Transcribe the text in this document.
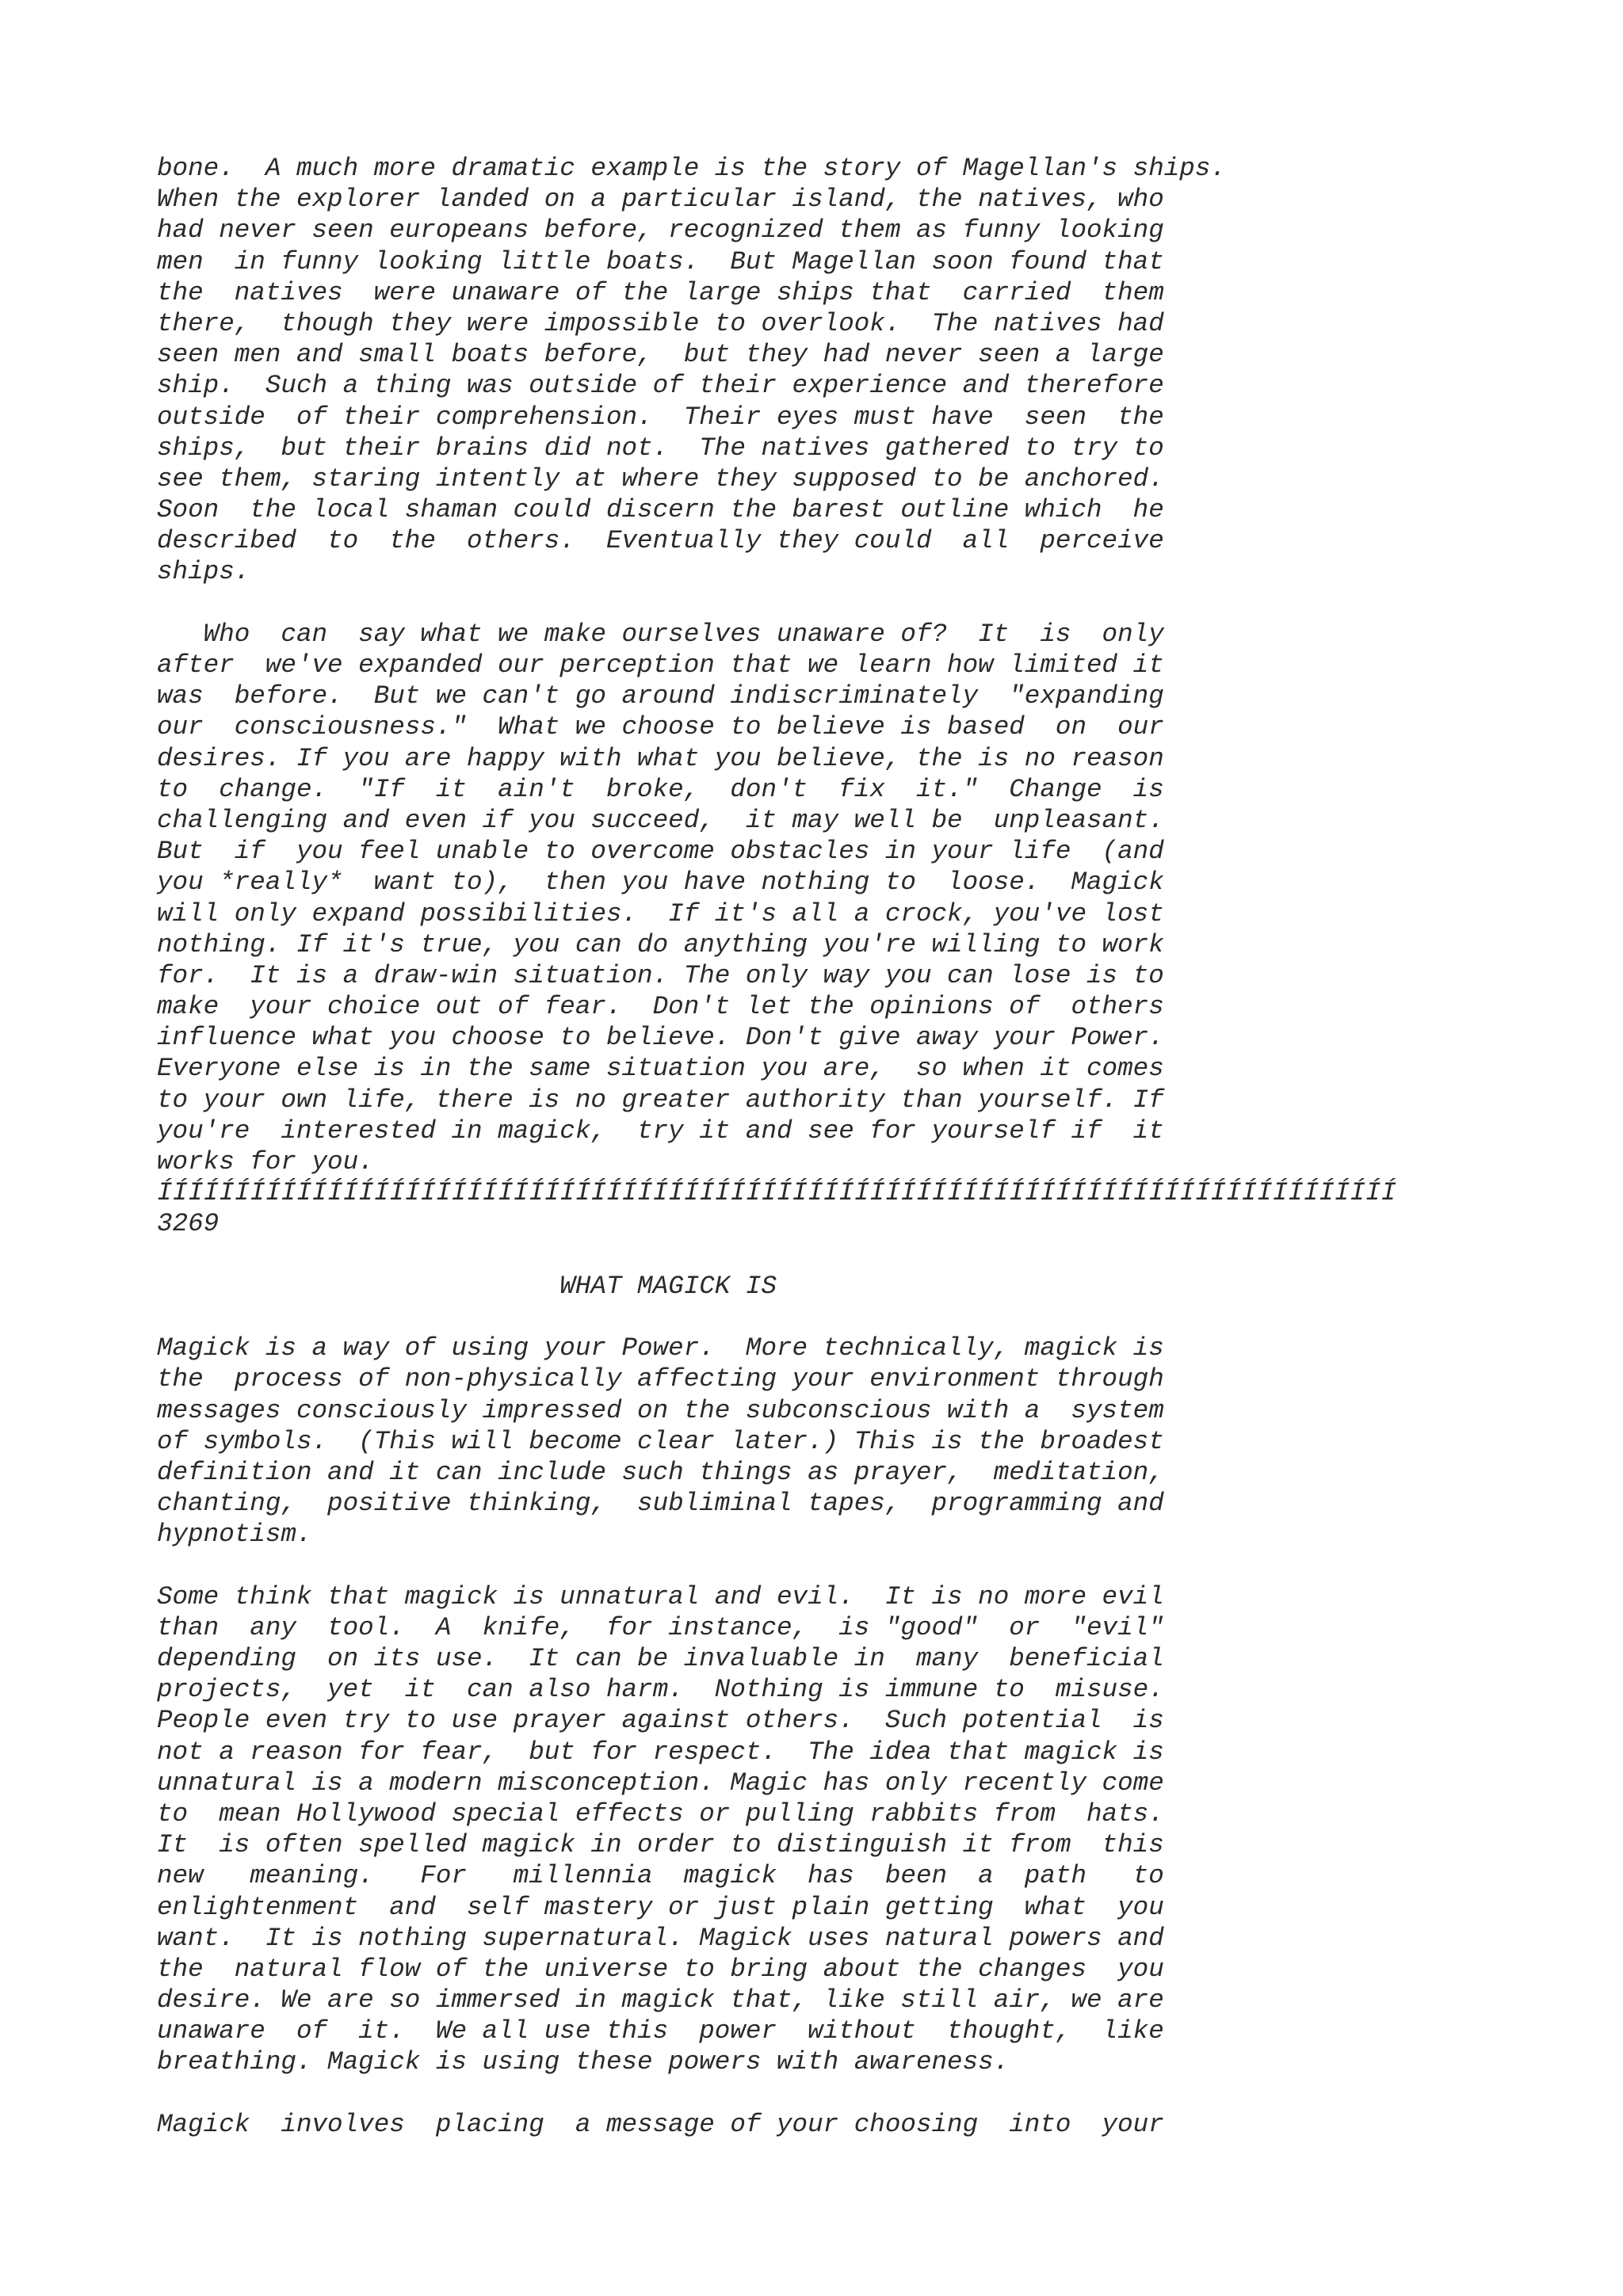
bone.  A much more dramatic example is the story of Magellan's ships.
When the explorer landed on a particular island, the natives, who
had never seen europeans before, recognized them as funny looking
men  in funny looking little boats.  But Magellan soon found that
the  natives  were unaware of the large ships that  carried  them
there,  though they were impossible to overlook.  The natives had
seen men and small boats before,  but they had never seen a large
ship.  Such a thing was outside of their experience and therefore
outside  of their comprehension.  Their eyes must have  seen  the
ships,  but their brains did not.  The natives gathered to try to
see them, staring intently at where they supposed to be anchored.
Soon  the local shaman could discern the barest outline which  he
described  to  the  others.  Eventually they could  all  perceive
ships.
Who  can  say what we make ourselves unaware of?  It  is  only
after  we've expanded our perception that we learn how limited it
was  before.  But we can't go around indiscriminately  "expanding
our  consciousness."  What we choose to believe is based  on  our
desires. If you are happy with what you believe, the is no reason
to  change.  "If  it  ain't  broke,  don't  fix  it."  Change  is
challenging and even if you succeed,  it may well be  unpleasant.
But  if  you feel unable to overcome obstacles in your life  (and
you *really*  want to),  then you have nothing to  loose.  Magick
will only expand possibilities.  If it's all a crock, you've lost
nothing. If it's true, you can do anything you're willing to work
for.  It is a draw-win situation. The only way you can lose is to
make  your choice out of fear.  Don't let the opinions of  others
influence what you choose to believe. Don't give away your Power.
Everyone else is in the same situation you are,  so when it comes
to your own life, there is no greater authority than yourself. If
you're  interested in magick,  try it and see for yourself if  it
works for you.
ÍÍÍÍÍÍÍÍÍÍÍÍÍÍÍÍÍÍÍÍÍÍÍÍÍÍÍÍÍÍÍÍÍÍÍÍÍÍÍÍÍÍÍÍÍÍÍÍÍÍÍÍÍÍÍÍÍÍÍÍÍÍÍÍÍÍÍÍÍÍÍÍÍÍÍÍÍÍÍÍ
3269
WHAT MAGICK IS
Magick is a way of using your Power.  More technically, magick is
the  process of non-physically affecting your environment through
messages consciously impressed on the subconscious with a  system
of symbols.  (This will become clear later.) This is the broadest
definition and it can include such things as prayer,  meditation,
chanting,  positive thinking,  subliminal tapes,  programming and
hypnotism.
Some think that magick is unnatural and evil.  It is no more evil
than  any  tool.  A  knife,  for instance,  is "good"  or  "evil"
depending  on its use.  It can be invaluable in  many  beneficial
projects,  yet  it  can also harm.  Nothing is immune to  misuse.
People even try to use prayer against others.  Such potential  is
not a reason for fear,  but for respect.  The idea that magick is
unnatural is a modern misconception. Magic has only recently come
to  mean Hollywood special effects or pulling rabbits from  hats.
It  is often spelled magick in order to distinguish it from  this
new   meaning.   For   millennia  magick  has  been  a  path   to
enlightenment  and  self mastery or just plain getting  what  you
want.  It is nothing supernatural. Magick uses natural powers and
the  natural flow of the universe to bring about the changes  you
desire. We are so immersed in magick that, like still air, we are
unaware  of  it.  We all use this  power  without  thought,  like
breathing. Magick is using these powers with awareness.
Magick  involves  placing  a message of your choosing  into  your
